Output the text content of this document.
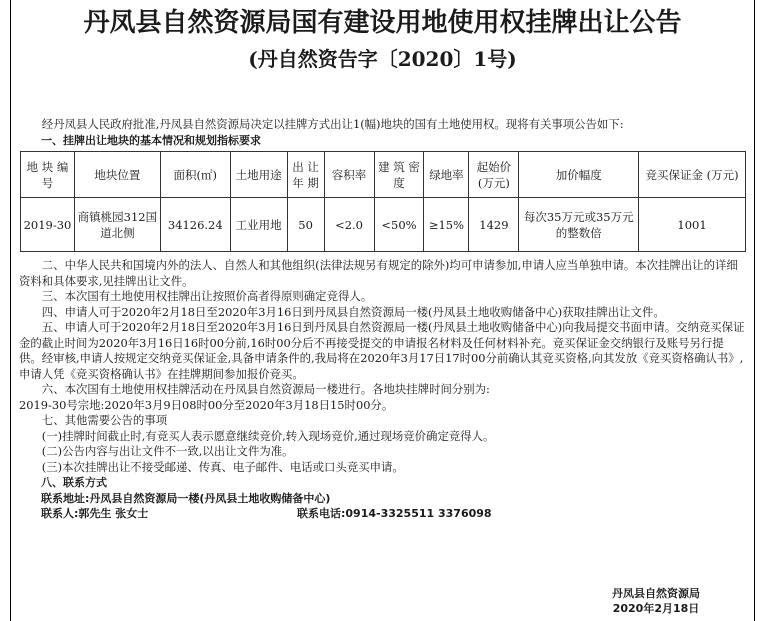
丹凤县自然资源局国有建设用地使用权挂牌出让公告
(丹自然资告字〔2020〕1号)

经丹凤县人民政府批准,丹凤县自然资源局决定以挂牌方式出让1(幅)地块的国有土地使用权。现将有关事项公告如下:

一、挂牌出让地块的基本情况和规划指标要求

地 块 编 号	地块位置	面积(㎡)	土地用途	出 让 年 期	容积率	建 筑 密 度	绿地率	起始价 (万元)	加价幅度	竞买保证金 (万元)
2019-30	商镇桃园312国道北侧	34126.24	工业用地	50	<2.0	<50%	≥15%	1429	每次35万元或35万元的整数倍	1001

二、中华人民共和国境内外的法人、自然人和其他组织(法律法规另有规定的除外)均可申请参加,申请人应当单独申请。本次挂牌出让的详细资料和具体要求,见挂牌出让文件。

三、本次国有土地使用权挂牌出让按照价高者得原则确定竞得人。

四、申请人可于2020年2月18日至2020年3月16日到丹凤县自然资源局一楼(丹凤县土地收购储备中心)获取挂牌出让文件。

五、申请人可于2020年2月18日至2020年3月16日到丹凤县自然资源局一楼(丹凤县土地收购储备中心)向我局提交书面申请。交纳竞买保证金的截止时间为2020年3月16日16时00分前,16时00分后不再接受提交的申请报名材料及任何材料补充。竞买保证金交纳银行及账号另行提供。经审核,申请人按规定交纳竞买保证金,具备申请条件的,我局将在2020年3月17日17时00分前确认其竞买资格,向其发放《竞买资格确认书》,申请人凭《竞买资格确认书》在挂牌期间参加报价竞买。

六、本次国有土地使用权挂牌活动在丹凤县自然资源局一楼进行。各地块挂牌时间分别为:

2019-30号宗地:2020年3月9日08时00分至2020年3月18日15时00分。

七、其他需要公告的事项

(一)挂牌时间截止时,有竞买人表示愿意继续竞价,转入现场竞价,通过现场竞价确定竞得人。

(二)公告内容与出让文件不一致,以出让文件为准。

(三)本次挂牌出让不接受邮递、传真、电子邮件、电话或口头竞买申请。

八、联系方式

联系地址:丹凤县自然资源局一楼(丹凤县土地收购储备中心)

联系人:郭先生 张女士	联系电话:0914-3325511 3376098
丹凤县自然资源局
2020年2月18日
